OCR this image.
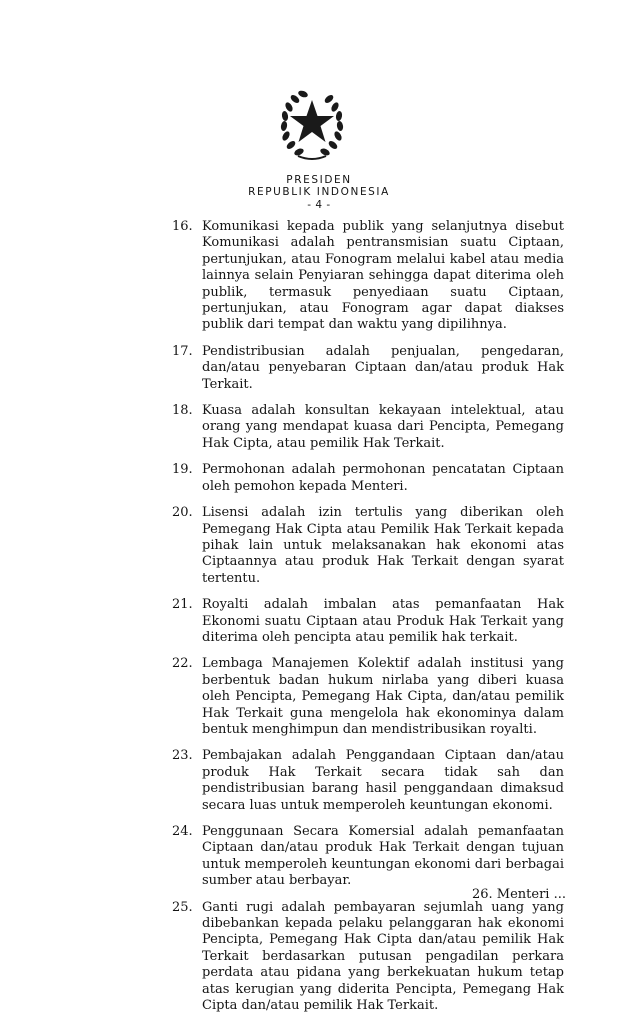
PRESIDEN
REPUBLIK INDONESIA
- 4 -
16. Komunikasi kepada publik yang selanjutnya disebut Komunikasi adalah pentransmisian suatu Ciptaan, pertunjukan, atau Fonogram melalui kabel atau media lainnya selain Penyiaran sehingga dapat diterima oleh publik, termasuk penyediaan suatu Ciptaan, pertunjukan, atau Fonogram agar dapat diakses publik dari tempat dan waktu yang dipilihnya.
17. Pendistribusian adalah penjualan, pengedaran, dan/atau penyebaran Ciptaan dan/atau produk Hak Terkait.
18. Kuasa adalah konsultan kekayaan intelektual, atau orang yang mendapat kuasa dari Pencipta, Pemegang Hak Cipta, atau pemilik Hak Terkait.
19. Permohonan adalah permohonan pencatatan Ciptaan oleh pemohon kepada Menteri.
20. Lisensi adalah izin tertulis yang diberikan oleh Pemegang Hak Cipta atau Pemilik Hak Terkait kepada pihak lain untuk melaksanakan hak ekonomi atas Ciptaannya atau produk Hak Terkait dengan syarat tertentu.
21. Royalti adalah imbalan atas pemanfaatan Hak Ekonomi suatu Ciptaan atau Produk Hak Terkait yang diterima oleh pencipta atau pemilik hak terkait.
22. Lembaga Manajemen Kolektif adalah institusi yang berbentuk badan hukum nirlaba yang diberi kuasa oleh Pencipta, Pemegang Hak Cipta, dan/atau pemilik Hak Terkait guna mengelola hak ekonominya dalam bentuk menghimpun dan mendistribusikan royalti.
23. Pembajakan adalah Penggandaan Ciptaan dan/atau produk Hak Terkait secara tidak sah dan pendistribusian barang hasil penggandaan dimaksud secara luas untuk memperoleh keuntungan ekonomi.
24. Penggunaan Secara Komersial adalah pemanfaatan Ciptaan dan/atau produk Hak Terkait dengan tujuan untuk memperoleh keuntungan ekonomi dari berbagai sumber atau berbayar.
25. Ganti rugi adalah pembayaran sejumlah uang yang dibebankan kepada pelaku pelanggaran hak ekonomi Pencipta, Pemegang Hak Cipta dan/atau pemilik Hak Terkait berdasarkan putusan pengadilan perkara perdata atau pidana yang berkekuatan hukum tetap atas kerugian yang diderita Pencipta, Pemegang Hak Cipta dan/atau pemilik Hak Terkait.
26. Menteri ...
